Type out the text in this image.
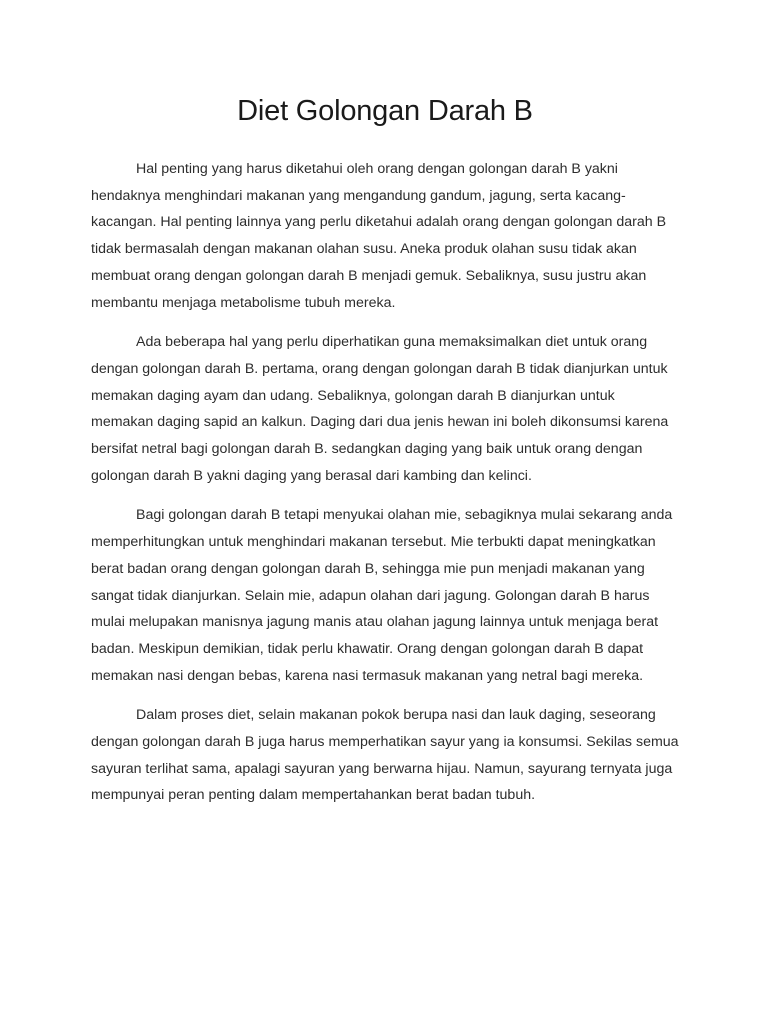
Diet Golongan Darah B

Hal penting yang harus diketahui oleh orang dengan golongan darah B yakni hendaknya menghindari makanan yang mengandung gandum, jagung, serta kacang-kacangan. Hal penting lainnya yang perlu diketahui adalah orang dengan golongan darah B tidak bermasalah dengan makanan olahan susu. Aneka produk olahan susu tidak akan membuat orang dengan golongan darah B menjadi gemuk. Sebaliknya, susu justru akan membantu menjaga metabolisme tubuh mereka.

Ada beberapa hal yang perlu diperhatikan guna memaksimalkan diet untuk orang dengan golongan darah B. pertama, orang dengan golongan darah B tidak dianjurkan untuk memakan daging ayam dan udang. Sebaliknya, golongan darah B dianjurkan untuk memakan daging sapid an kalkun. Daging dari dua jenis hewan ini boleh dikonsumsi karena bersifat netral bagi golongan darah B. sedangkan daging yang baik untuk orang dengan golongan darah B yakni daging yang berasal dari kambing dan kelinci.

Bagi golongan darah B tetapi menyukai olahan mie, sebagiknya mulai sekarang anda memperhitungkan untuk menghindari makanan tersebut. Mie terbukti dapat meningkatkan berat badan orang dengan golongan darah B, sehingga mie pun menjadi makanan yang sangat tidak dianjurkan. Selain mie, adapun olahan dari jagung. Golongan darah B harus mulai melupakan manisnya jagung manis atau olahan jagung lainnya untuk menjaga berat badan. Meskipun demikian, tidak perlu khawatir. Orang dengan golongan darah B dapat memakan nasi dengan bebas, karena nasi termasuk makanan yang netral bagi mereka.

Dalam proses diet, selain makanan pokok berupa nasi dan lauk daging, seseorang dengan golongan darah B juga harus memperhatikan sayur yang ia konsumsi. Sekilas semua sayuran terlihat sama, apalagi sayuran yang berwarna hijau. Namun, sayurang ternyata juga mempunyai peran penting dalam mempertahankan berat badan tubuh.
